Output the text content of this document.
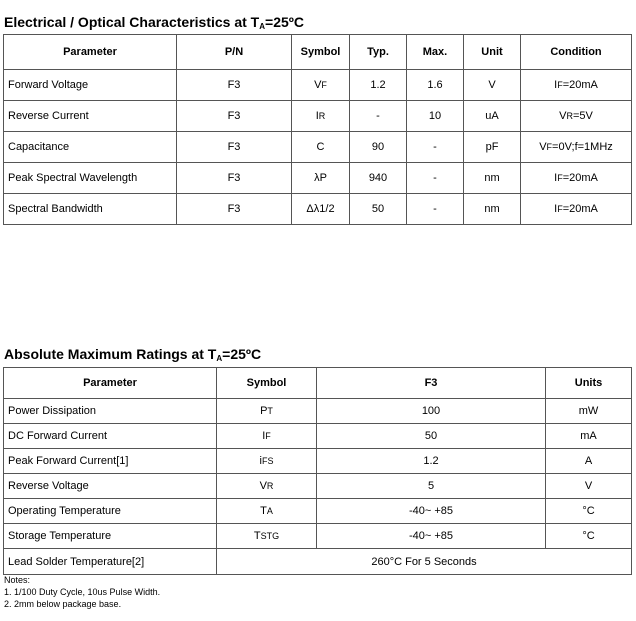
Electrical / Optical Characteristics at $T_A=25ºC$
Parameter	P/N	Symbol	Typ.	Max.	Unit	Condition
Forward Voltage	F3	VF	1.2	1.6	V	IF=20mA
Reverse Current	F3	IR	-	10	uA	VR=5V
Capacitance	F3	C	90	-	pF	VF=0V;f=1MHz
Peak Spectral Wavelength	F3	λP	940	-	nm	IF=20mA
Spectral Bandwidth	F3	Δλ1/2	50	-	nm	IF=20mA
Absolute Maximum Ratings at $T_A=25ºC$
Parameter	Symbol	F3	Units
Power Dissipation	PT	100	mW
DC Forward Current	IF	50	mA
Peak Forward Current[1]	iFS	1.2	A
Reverse Voltage	VR	5	V
Operating Temperature	TA	-40~ +85	°C
Storage Temperature	TSTG	-40~ +85	°C
Lead Solder Temperature[2]	260°C For 5 Seconds		
Notes:
1. 1/100 Duty Cycle, 10us Pulse Width.
2. 2mm below package base.
